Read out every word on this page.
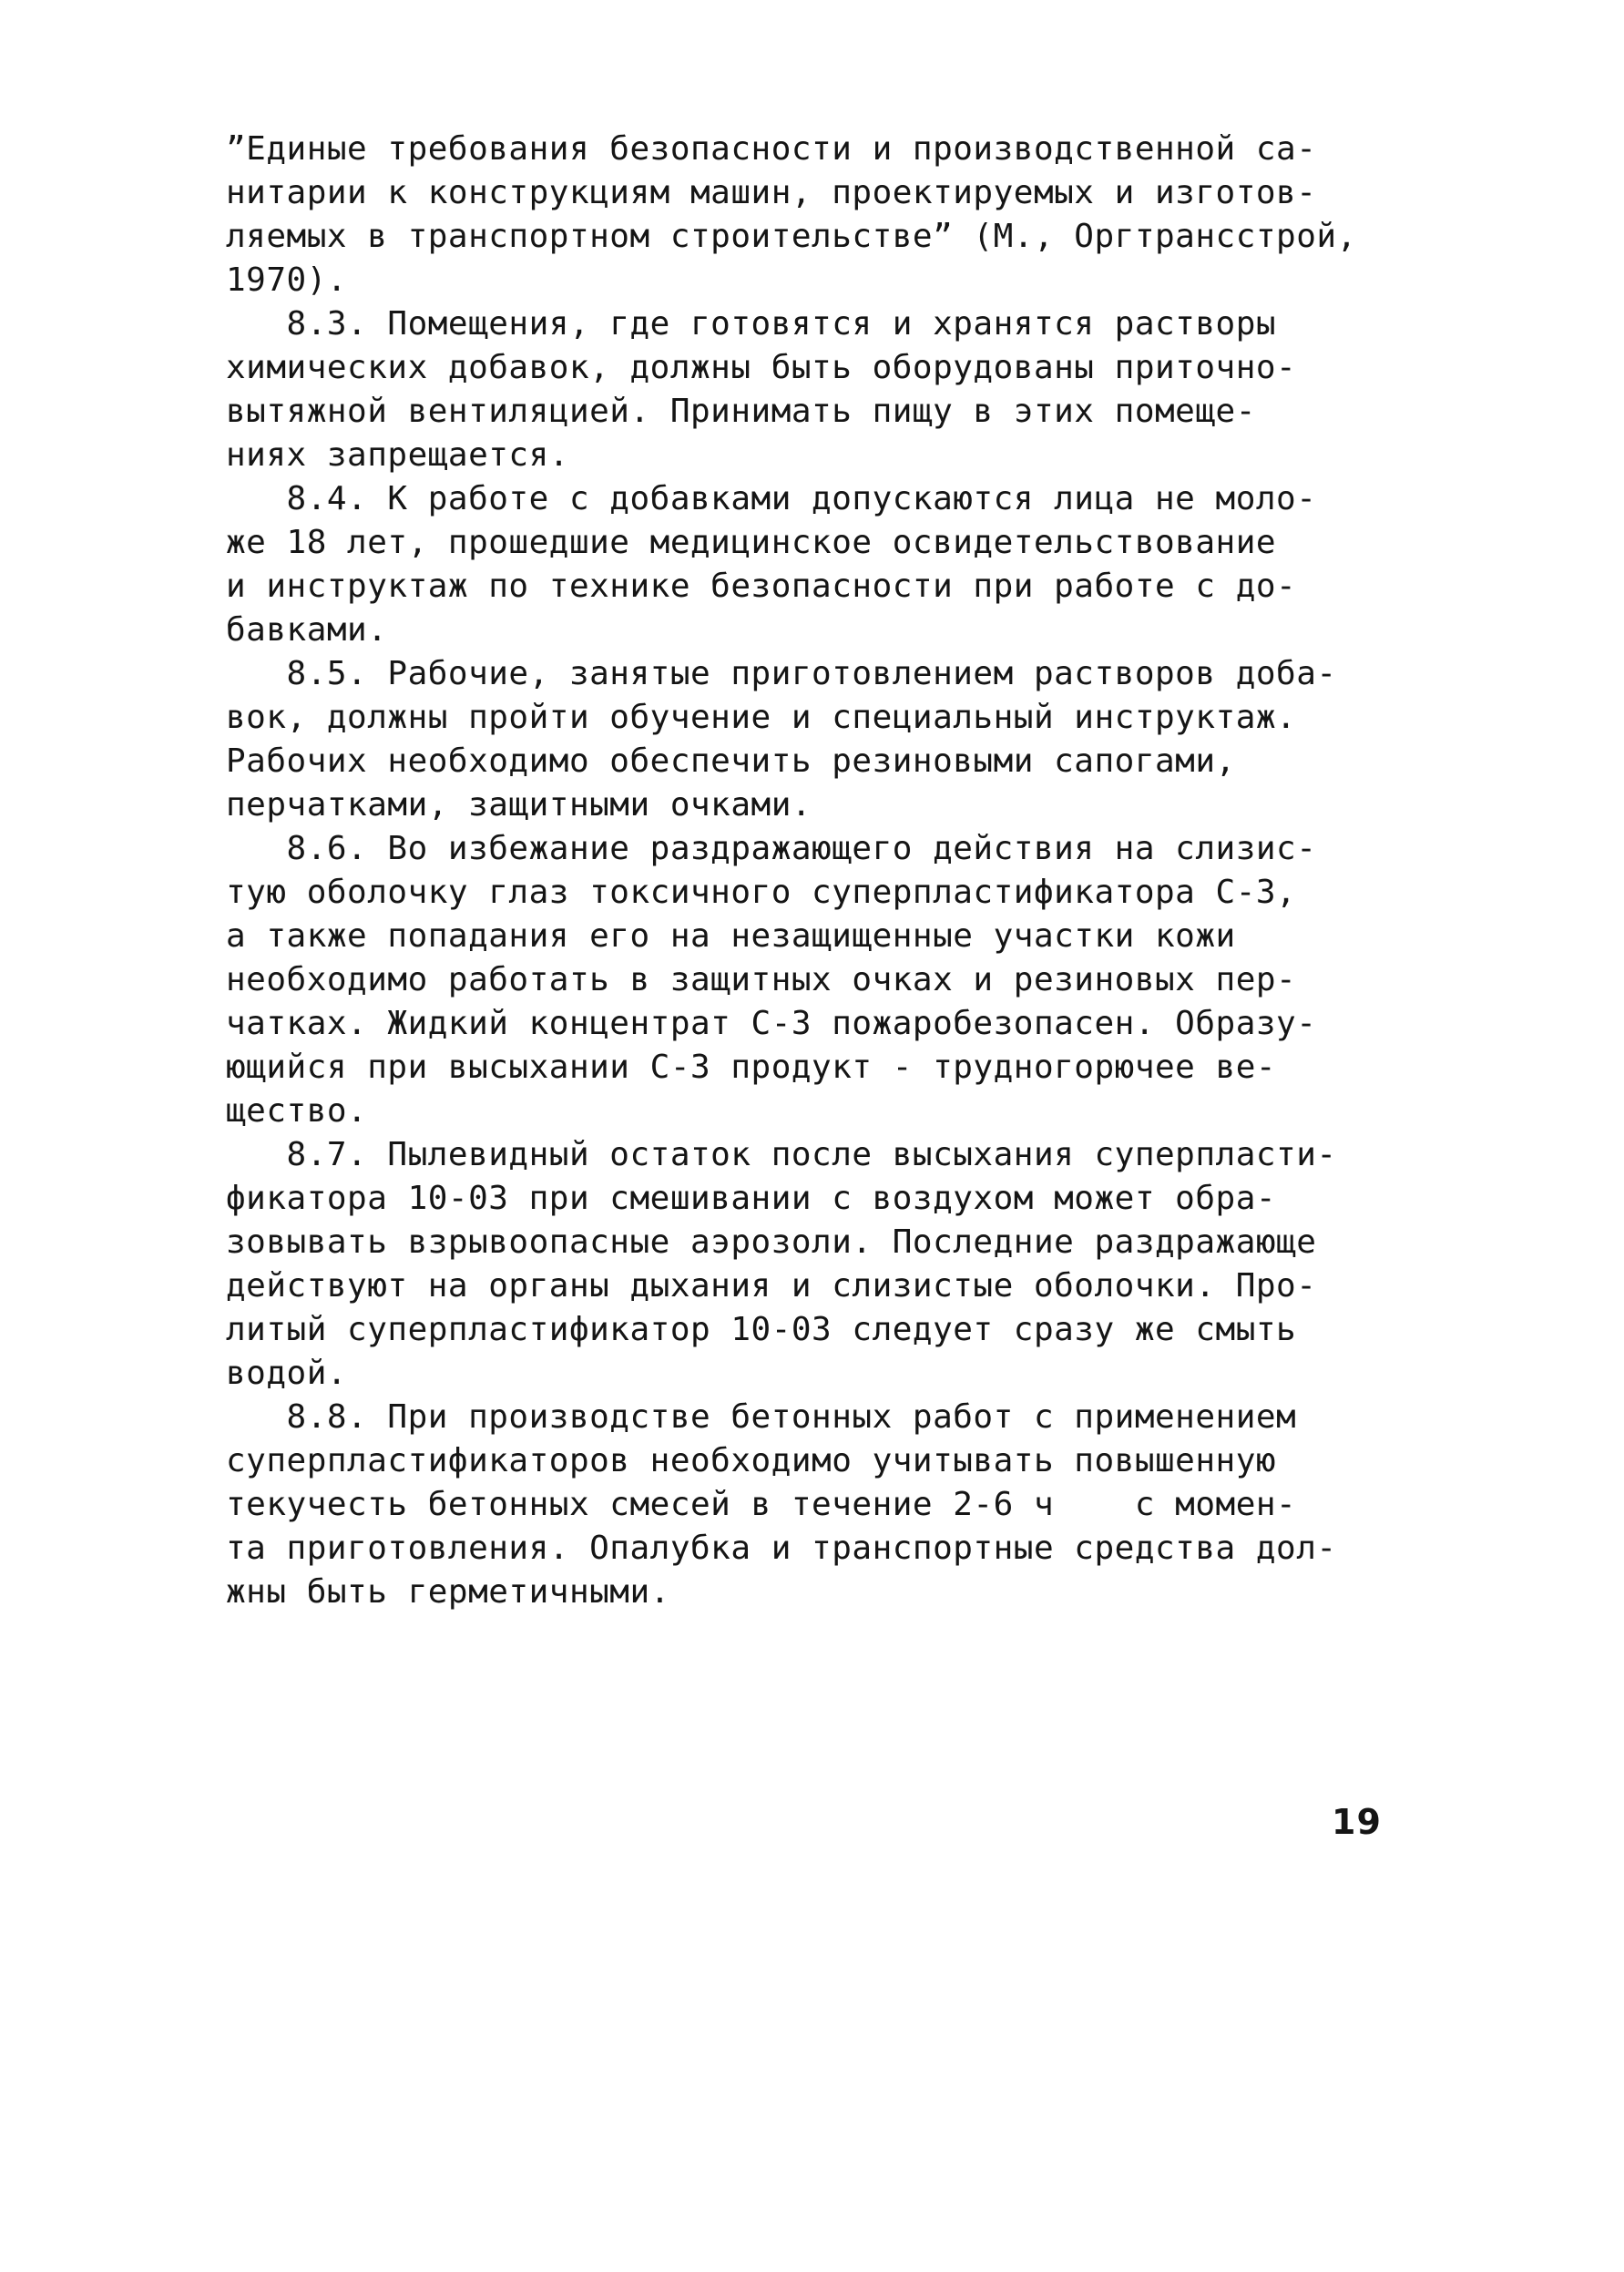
”Единые требования безопасности и производственной са-
нитарии к конструкциям машин, проектируемых и изготов-
ляемых в транспортном строительстве” (М., Оргтрансстрой,
1970).
8.3. Помещения, где готовятся и хранятся растворы
химических добавок, должны быть оборудованы приточно-
вытяжной вентиляцией. Принимать пищу в этих помеще-
ниях запрещается.
8.4. К работе с добавками допускаются лица не моло-
же 18 лет, прошедшие медицинское освидетельствование
и инструктаж по технике безопасности при работе с до-
бавками.
8.5. Рабочие, занятые приготовлением растворов доба-
вок, должны пройти обучение и специальный инструктаж.
Рабочих необходимо обеспечить резиновыми сапогами,
перчатками, защитными очками.
8.6. Во избежание раздражающего действия на слизис-
тую оболочку глаз токсичного суперпластификатора С-3,
а также попадания его на незащищенные участки кожи
необходимо работать в защитных очках и резиновых пер-
чатках. Жидкий концентрат С-3 пожаробезопасен. Образу-
ющийся при высыхании С-3 продукт - трудногорючее ве-
щество.
8.7. Пылевидный остаток после высыхания суперпласти-
фикатора 10-03 при смешивании с воздухом может обра-
зовывать взрывоопасные аэрозоли. Последние раздражающе
действуют на органы дыхания и слизистые оболочки. Про-
литый суперпластификатор 10-03 следует сразу же смыть
водой.
8.8. При производстве бетонных работ с применением
суперпластификаторов необходимо учитывать повышенную
текучесть бетонных смесей в течение 2-6 ч    с момен-
та приготовления. Опалубка и транспортные средства дол-
жны быть герметичными.
19
